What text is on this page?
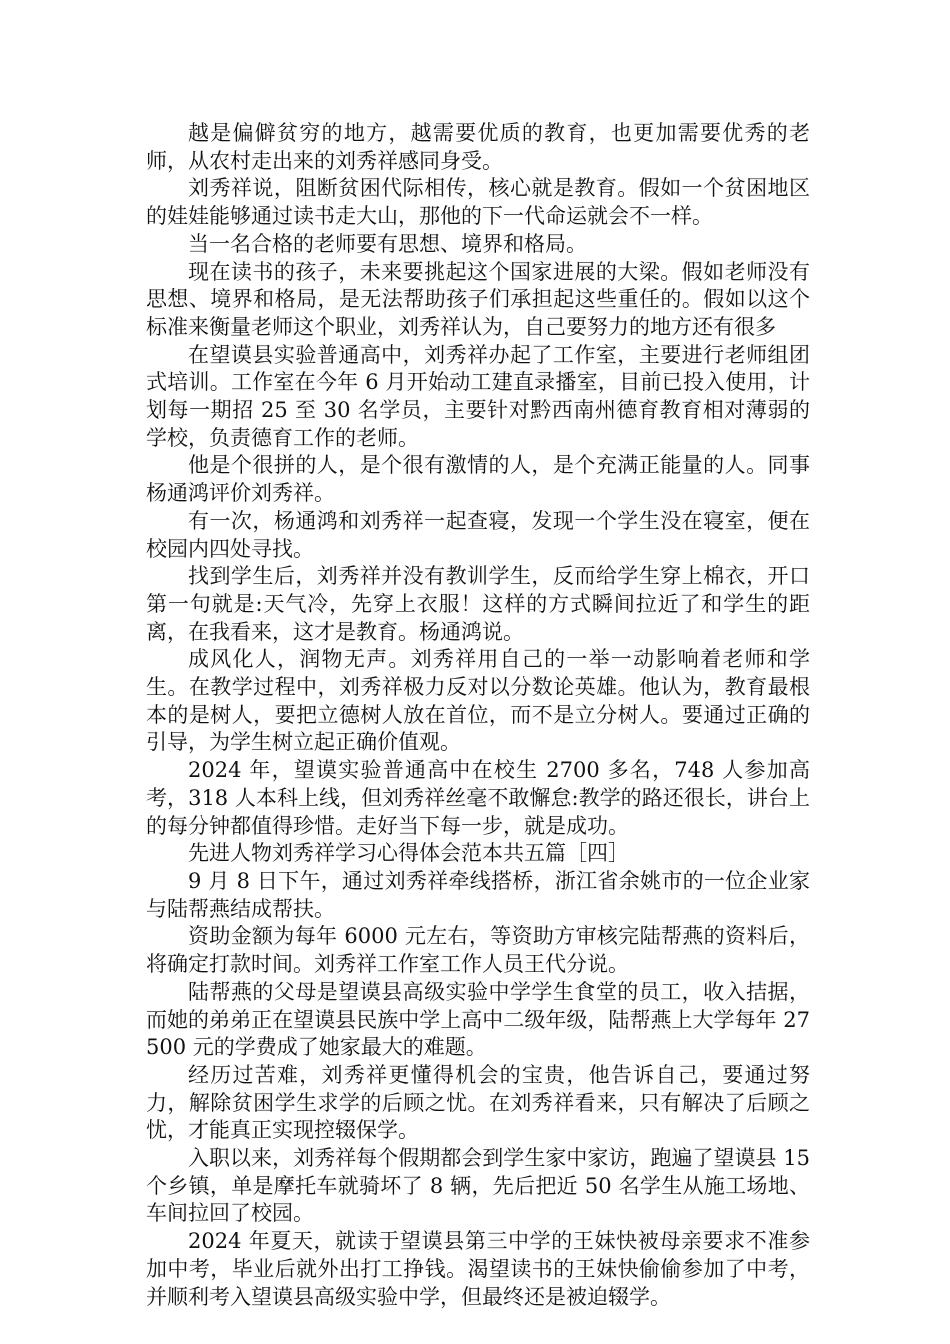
越是偏僻贫穷的地方，越需要优质的教育，也更加需要优秀的老师，从农村走出来的刘秀祥感同身受。

刘秀祥说，阻断贫困代际相传，核心就是教育。假如一个贫困地区的娃娃能够通过读书走大山，那他的下一代命运就会不一样。

当一名合格的老师要有思想、境界和格局。

现在读书的孩子，未来要挑起这个国家进展的大梁。假如老师没有思想、境界和格局，是无法帮助孩子们承担起这些重任的。假如以这个标准来衡量老师这个职业，刘秀祥认为，自己要努力的地方还有很多

在望谟县实验普通高中，刘秀祥办起了工作室，主要进行老师组团式培训。工作室在今年 6 月开始动工建直录播室，目前已投入使用，计划每一期招 25 至 30 名学员，主要针对黔西南州德育教育相对薄弱的学校，负责德育工作的老师。

他是个很拼的人，是个很有激情的人，是个充满正能量的人。同事杨通鸿评价刘秀祥。

有一次，杨通鸿和刘秀祥一起查寝，发现一个学生没在寝室，便在校园内四处寻找。

找到学生后，刘秀祥并没有教训学生，反而给学生穿上棉衣，开口第一句就是:天气冷，先穿上衣服！这样的方式瞬间拉近了和学生的距离，在我看来，这才是教育。杨通鸿说。

成风化人，润物无声。刘秀祥用自己的一举一动影响着老师和学生。在教学过程中，刘秀祥极力反对以分数论英雄。他认为，教育最根本的是树人，要把立德树人放在首位，而不是立分树人。要通过正确的引导，为学生树立起正确价值观。

2024 年，望谟实验普通高中在校生 2700 多名，748 人参加高考，318 人本科上线，但刘秀祥丝毫不敢懈怠:教学的路还很长，讲台上的每分钟都值得珍惜。走好当下每一步，就是成功。

先进人物刘秀祥学习心得体会范本共五篇［四］

9 月 8 日下午，通过刘秀祥牵线搭桥，浙江省余姚市的一位企业家与陆帮燕结成帮扶。

资助金额为每年 6000 元左右，等资助方审核完陆帮燕的资料后，将确定打款时间。刘秀祥工作室工作人员王代分说。

陆帮燕的父母是望谟县高级实验中学学生食堂的员工，收入拮据，而她的弟弟正在望谟县民族中学上高中二级年级，陆帮燕上大学每年 27500 元的学费成了她家最大的难题。

经历过苦难，刘秀祥更懂得机会的宝贵，他告诉自己，要通过努力，解除贫困学生求学的后顾之忧。在刘秀祥看来，只有解决了后顾之忧，才能真正实现控辍保学。

入职以来，刘秀祥每个假期都会到学生家中家访，跑遍了望谟县 15 个乡镇，单是摩托车就骑坏了 8 辆，先后把近 50 名学生从施工场地、车间拉回了校园。

2024 年夏天，就读于望谟县第三中学的王妹快被母亲要求不准参加中考，毕业后就外出打工挣钱。渴望读书的王妹快偷偷参加了中考，并顺利考入望谟县高级实验中学，但最终还是被迫辍学。
